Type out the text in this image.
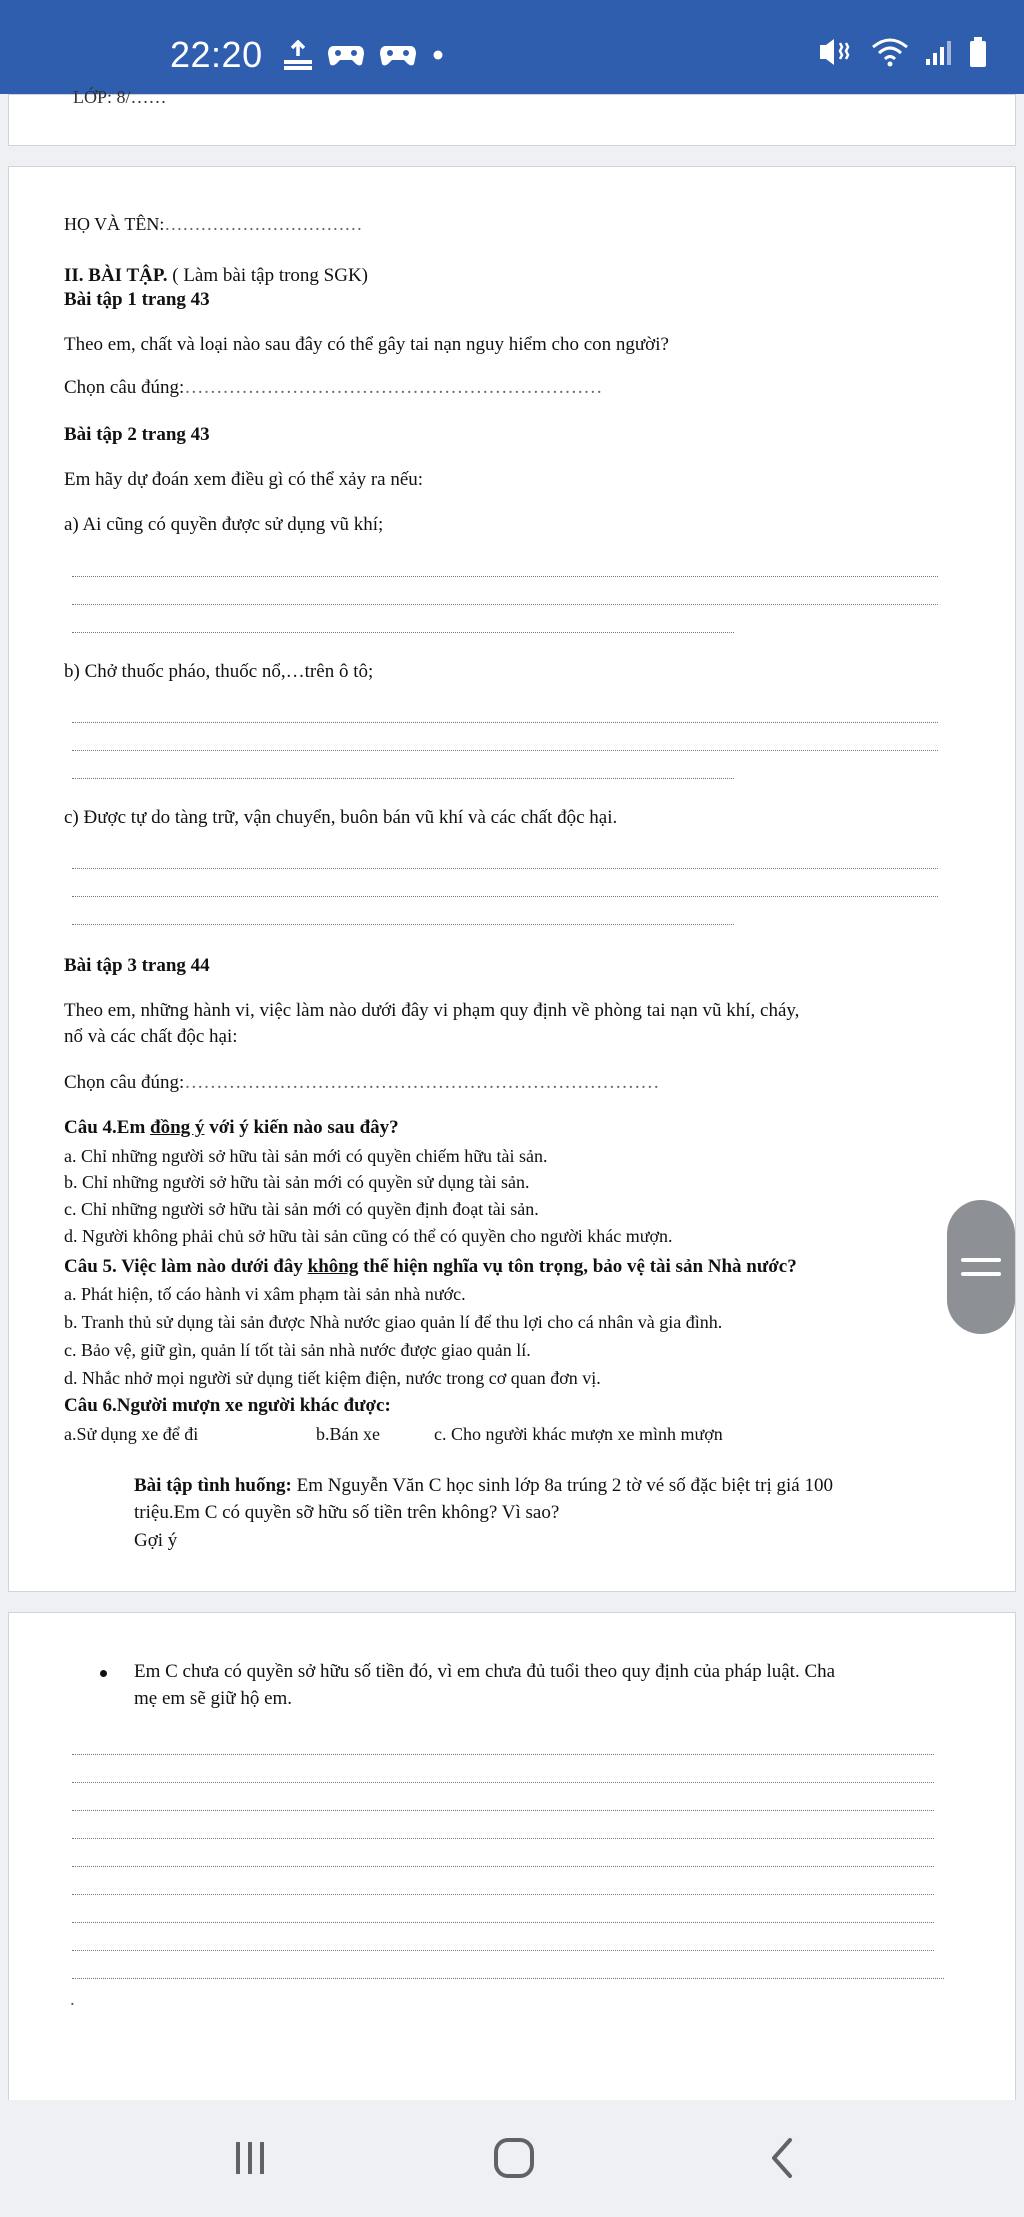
22:20
LỚP: 8/……
HỌ VÀ TÊN:……………………………
II. BÀI TẬP. ( Làm bài tập trong SGK)
Bài tập 1 trang 43
Theo em, chất và loại nào sau đây có thể gây tai nạn nguy hiểm cho con người?
Chọn câu đúng:…………………………………………………………
Bài tập 2 trang 43
Em hãy dự đoán xem điều gì có thể xảy ra nếu:
a) Ai cũng có quyền được sử dụng vũ khí;
b) Chở thuốc pháo, thuốc nổ,…trên ô tô;
c) Được tự do tàng trữ, vận chuyển, buôn bán vũ khí và các chất độc hại.
Bài tập 3 trang 44
Theo em, những hành vi, việc làm nào dưới đây vi phạm quy định về phòng tai nạn vũ khí, cháy,
nổ và các chất độc hại:
Chọn câu đúng:…………………………………………………………………
Câu 4.Em đồng ý với ý kiến nào sau đây?
a. Chỉ những người sở hữu tài sản mới có quyền chiếm hữu tài sản.
b. Chỉ những người sở hữu tài sản mới có quyền sử dụng tài sản.
c. Chỉ những người sở hữu tài sản mới có quyền định đoạt tài sản.
d. Người không phải chủ sở hữu tài sản cũng có thể có quyền cho người khác mượn.
Câu 5. Việc làm nào dưới đây không thể hiện nghĩa vụ tôn trọng, bảo vệ tài sản Nhà nước?
a. Phát hiện, tố cáo hành vi xâm phạm tài sản nhà nước.
b. Tranh thủ sử dụng tài sản được Nhà nước giao quản lí để thu lợi cho cá nhân và gia đình.
c. Bảo vệ, giữ gìn, quản lí tốt tài sản nhà nước được giao quản lí.
d. Nhắc nhở mọi người sử dụng tiết kiệm điện, nước trong cơ quan đơn vị.
Câu 6.Người mượn xe người khác được:
a.Sử dụng xe để đi	b.Bán xe	c. Cho người khác mượn xe mình mượn
Bài tập tình huống: Em Nguyễn Văn C học sinh lớp 8a trúng 2 tờ vé số đặc biệt trị giá 100
triệu.Em C có quyền sỡ hữu số tiền trên không? Vì sao?
Gợi ý
Em C chưa có quyền sở hữu số tiền đó, vì em chưa đủ tuổi theo quy định của pháp luật. Cha
mẹ em sẽ giữ hộ em.
.
